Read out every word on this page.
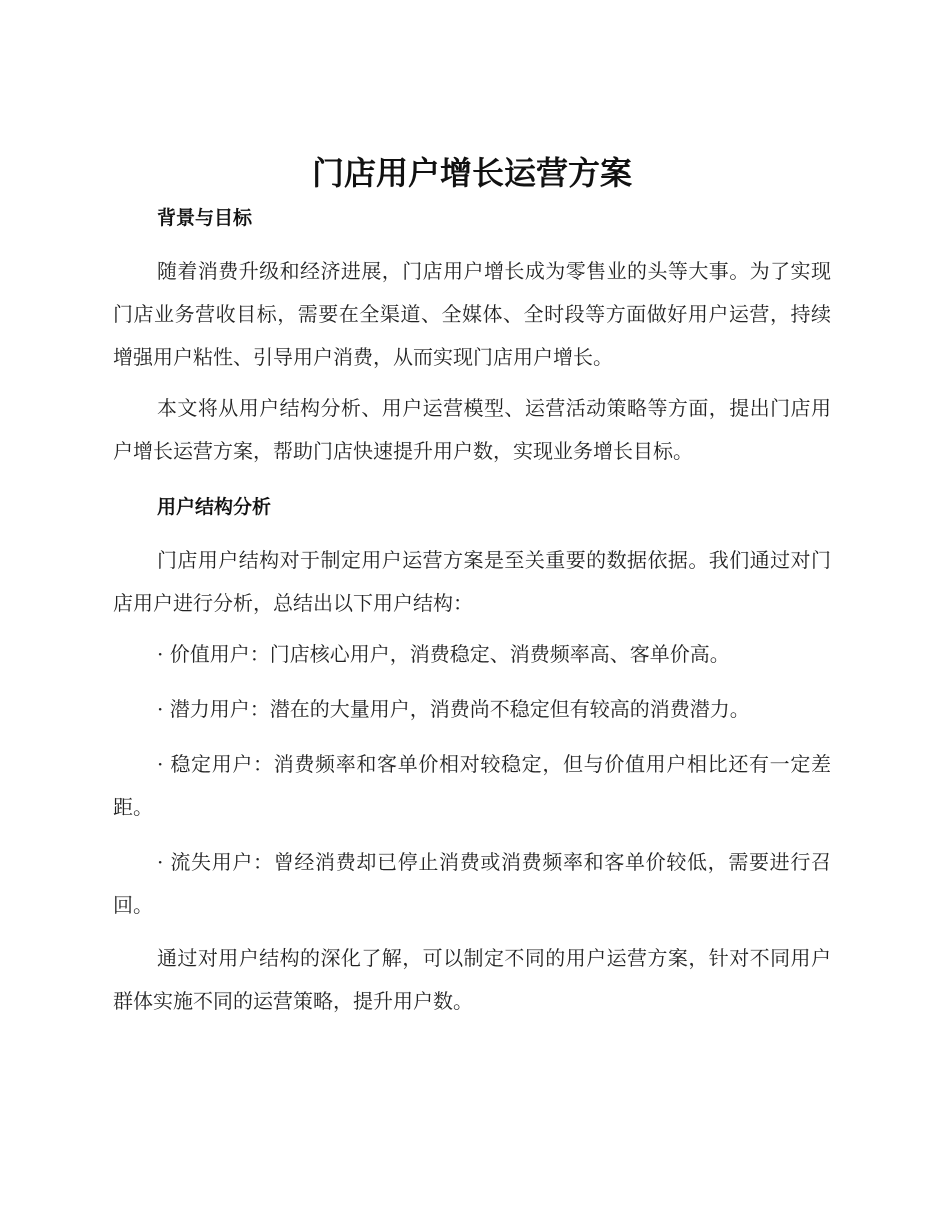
门店用户增长运营方案
背景与目标

随着消费升级和经济进展，门店用户增长成为零售业的头等大事。为了实现门店业务营收目标，需要在全渠道、全媒体、全时段等方面做好用户运营，持续增强用户粘性、引导用户消费，从而实现门店用户增长。

本文将从用户结构分析、用户运营模型、运营活动策略等方面，提出门店用户增长运营方案，帮助门店快速提升用户数，实现业务增长目标。

用户结构分析

门店用户结构对于制定用户运营方案是至关重要的数据依据。我们通过对门店用户进行分析，总结出以下用户结构：

· 价值用户：门店核心用户，消费稳定、消费频率高、客单价高。

· 潜力用户：潜在的大量用户，消费尚不稳定但有较高的消费潜力。

· 稳定用户：消费频率和客单价相对较稳定，但与价值用户相比还有一定差距。

· 流失用户：曾经消费却已停止消费或消费频率和客单价较低，需要进行召回。

通过对用户结构的深化了解，可以制定不同的用户运营方案，针对不同用户群体实施不同的运营策略，提升用户数。
